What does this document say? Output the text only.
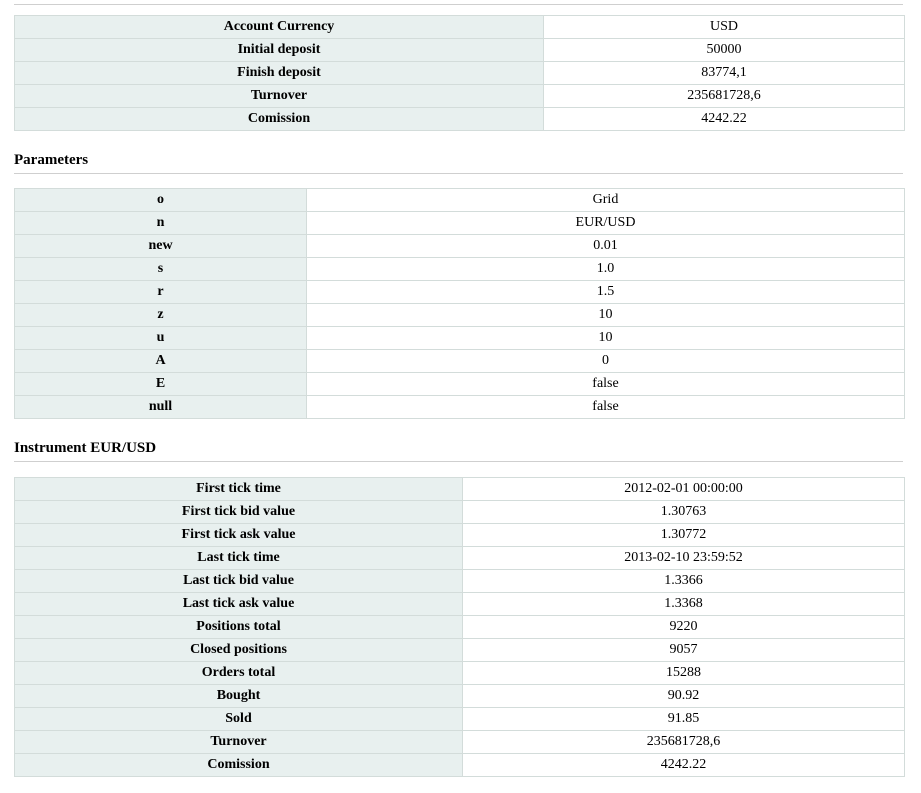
Account Currency	USD
Initial deposit	50000
Finish deposit	83774,1
Turnover	235681728,6
Comission	4242.22
Parameters
o	Grid
n	EUR/USD
new	0.01
s	1.0
r	1.5
z	10
u	10
A	0
E	false
null	false
Instrument EUR/USD
First tick time	2012-02-01 00:00:00
First tick bid value	1.30763
First tick ask value	1.30772
Last tick time	2013-02-10 23:59:52
Last tick bid value	1.3366
Last tick ask value	1.3368
Positions total	9220
Closed positions	9057
Orders total	15288
Bought	90.92
Sold	91.85
Turnover	235681728,6
Comission	4242.22
